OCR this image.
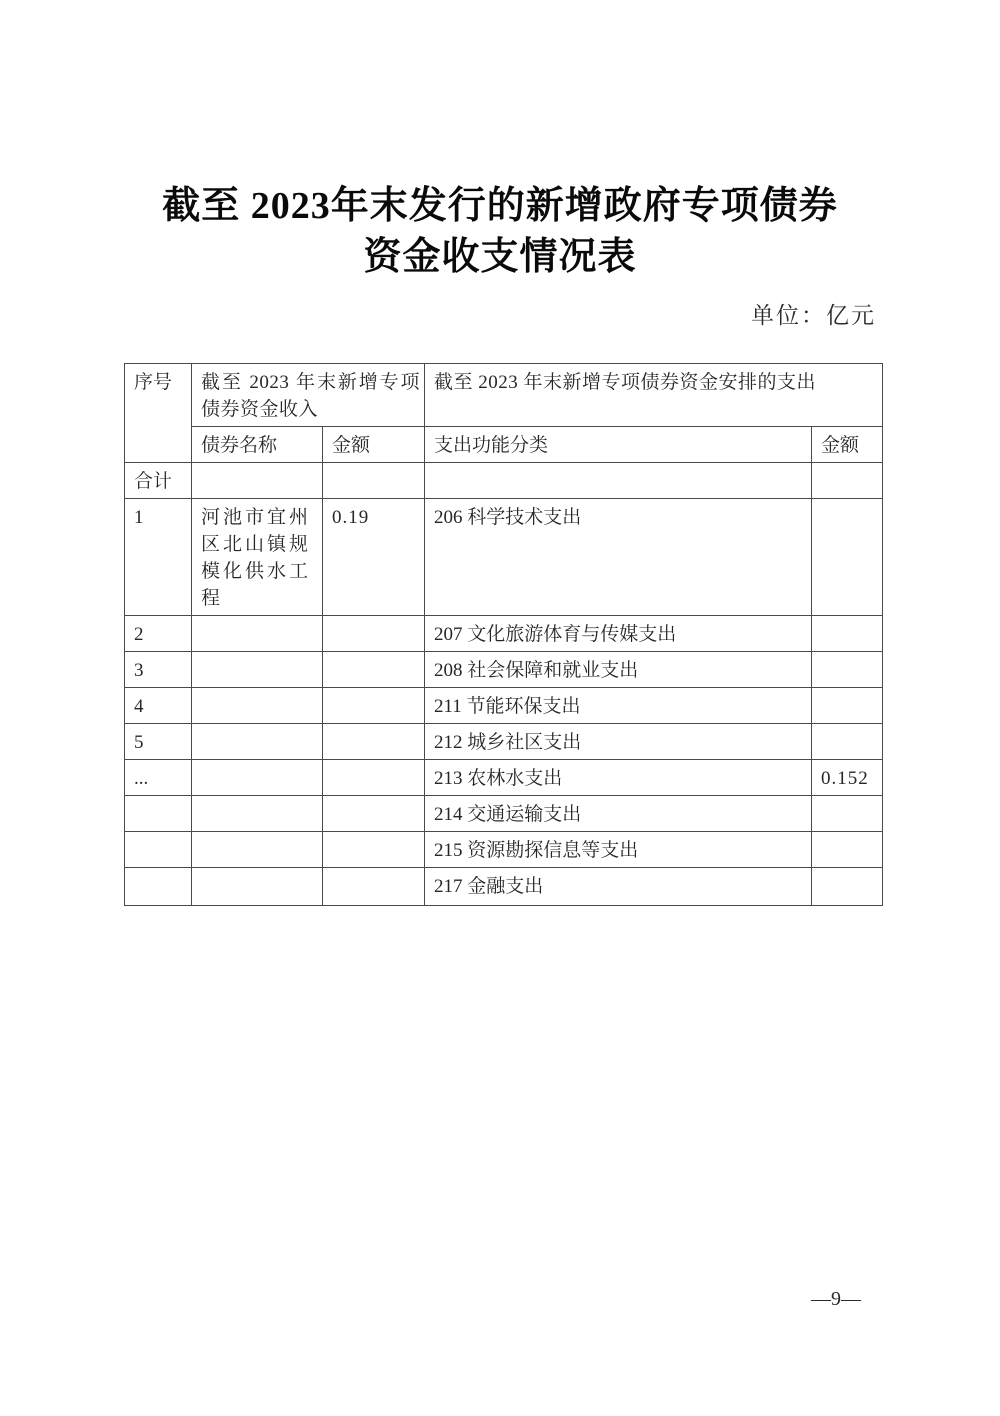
截至 2023年末发行的新增政府专项债券
资金收支情况表
单位：亿元
序号	截至 2023 年末新增专项债券资金收入		截至 2023 年末新增专项债券资金安排的支出	
	债券名称	金额	支出功能分类	金额
合计				
1	河池市宜州区北山镇规模化供水工程	0.19	206 科学技术支出	
2			207 文化旅游体育与传媒支出	
3			208 社会保障和就业支出	
4			211 节能环保支出	
5			212 城乡社区支出	
...			213 农林水支出	0.152
			214 交通运输支出	
			215 资源勘探信息等支出	
			217 金融支出	
—9—
